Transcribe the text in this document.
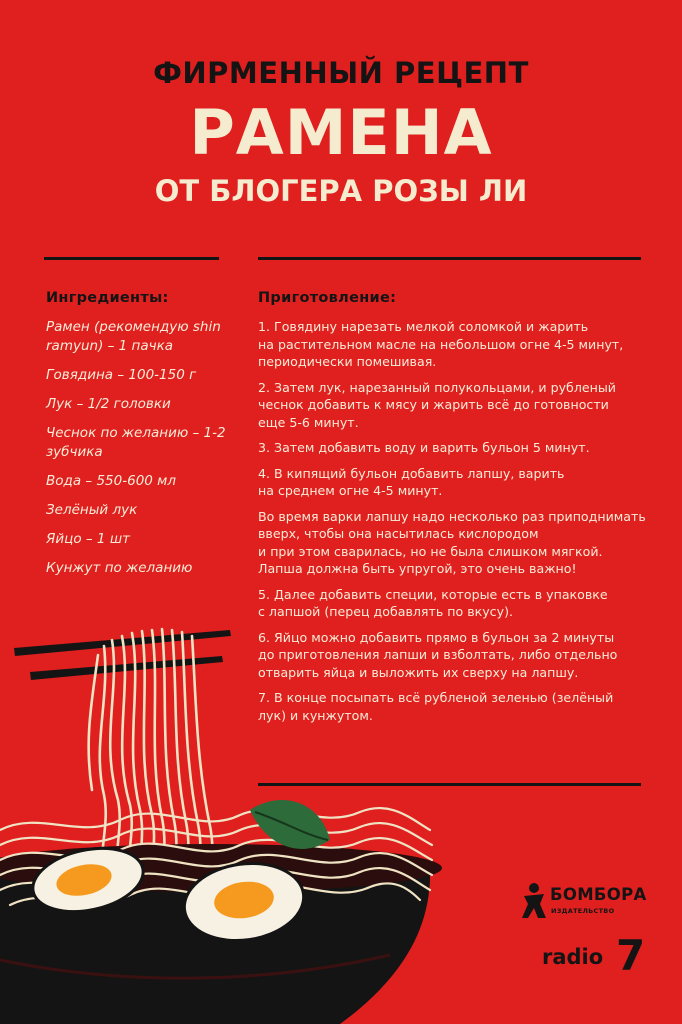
ФИРМЕННЫЙ РЕЦЕПТ
РАМЕНА
ОТ БЛОГЕРА РОЗЫ ЛИ
Ингредиенты:	Приготовление:
Рамен (рекомендую shin ramyun) – 1 пачка
Говядина – 100-150 г
Лук – 1/2 головки
Чеснок по желанию – 1-2 зубчика
Вода – 550-600 мл
Зелёный лук
Яйцо – 1 шт
Кунжут по желанию
1. Говядину нарезать мелкой соломкой и жарить
на растительном масле на небольшом огне 4-5 минут,
периодически помешивая.
2. Затем лук, нарезанный полукольцами, и рубленый
чеснок добавить к мясу и жарить всё до готовности
еще 5-6 минут.
3. Затем добавить воду и варить бульон 5 минут.
4. В кипящий бульон добавить лапшу, варить
на среднем огне 4-5 минут.
Во время варки лапшу надо несколько раз приподнимать вверх, чтобы она насытилась кислородом
и при этом сварилась, но не была слишком мягкой.
Лапша должна быть упругой, это очень важно!
5. Далее добавить специи, которые есть в упаковке
с лапшой (перец добавлять по вкусу).
6. Яйцо можно добавить прямо в бульон за 2 минуты
до приготовления лапши и взболтать, либо отдельно
отварить яйца и выложить их сверху на лапшу.
7. В конце посыпать всё рубленой зеленью (зелёный
лук) и кунжутом.
БОМБОРА
ИЗДАТЕЛЬСТВО
radio 7
